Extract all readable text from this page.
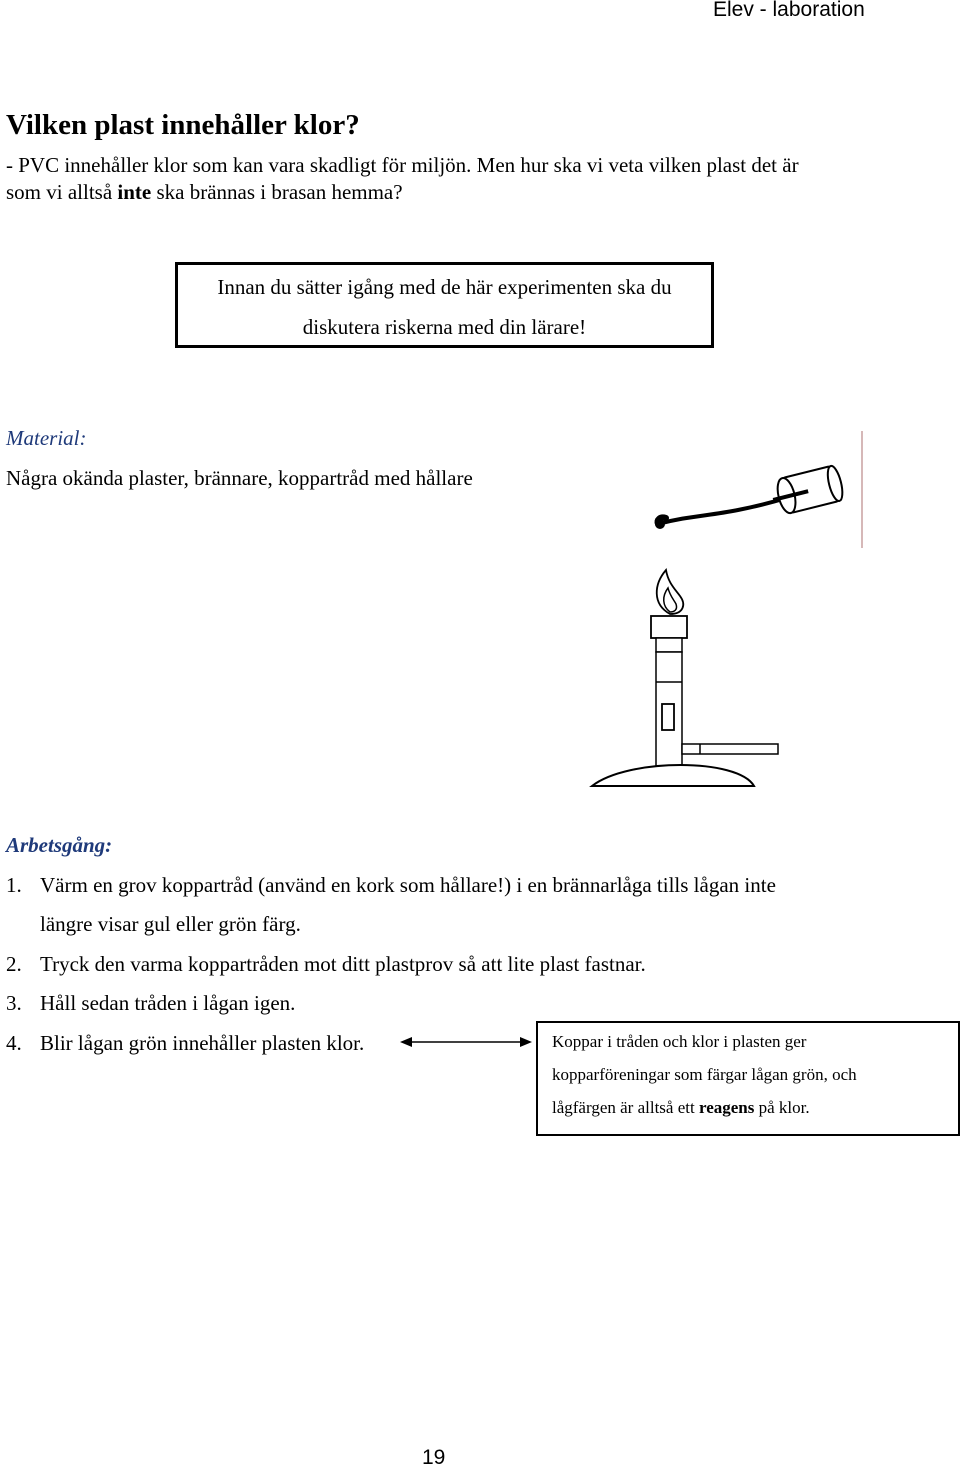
Elev - laboration
Vilken plast innehåller klor?
- PVC innehåller klor som kan vara skadligt för miljön. Men hur ska vi veta vilken plast det är
som vi alltså inte ska brännas i brasan hemma?
Innan du sätter igång med de här experimenten ska du
diskutera riskerna med din lärare!
Material:
Några okända plaster, brännare, koppartråd med hållare
Arbetsgång:
1. Värm en grov koppartråd (använd en kork som hållare!) i en brännarlåga tills lågan inte
längre visar gul eller grön färg.
2. Tryck den varma koppartråden mot ditt plastprov så att lite plast fastnar.
3. Håll sedan tråden i lågan igen.
4. Blir lågan grön innehåller plasten klor.	Koppar i tråden och klor i plasten ger
kopparföreningar som färgar lågan grön, och
lågfärgen är alltså ett reagens på klor.
19
